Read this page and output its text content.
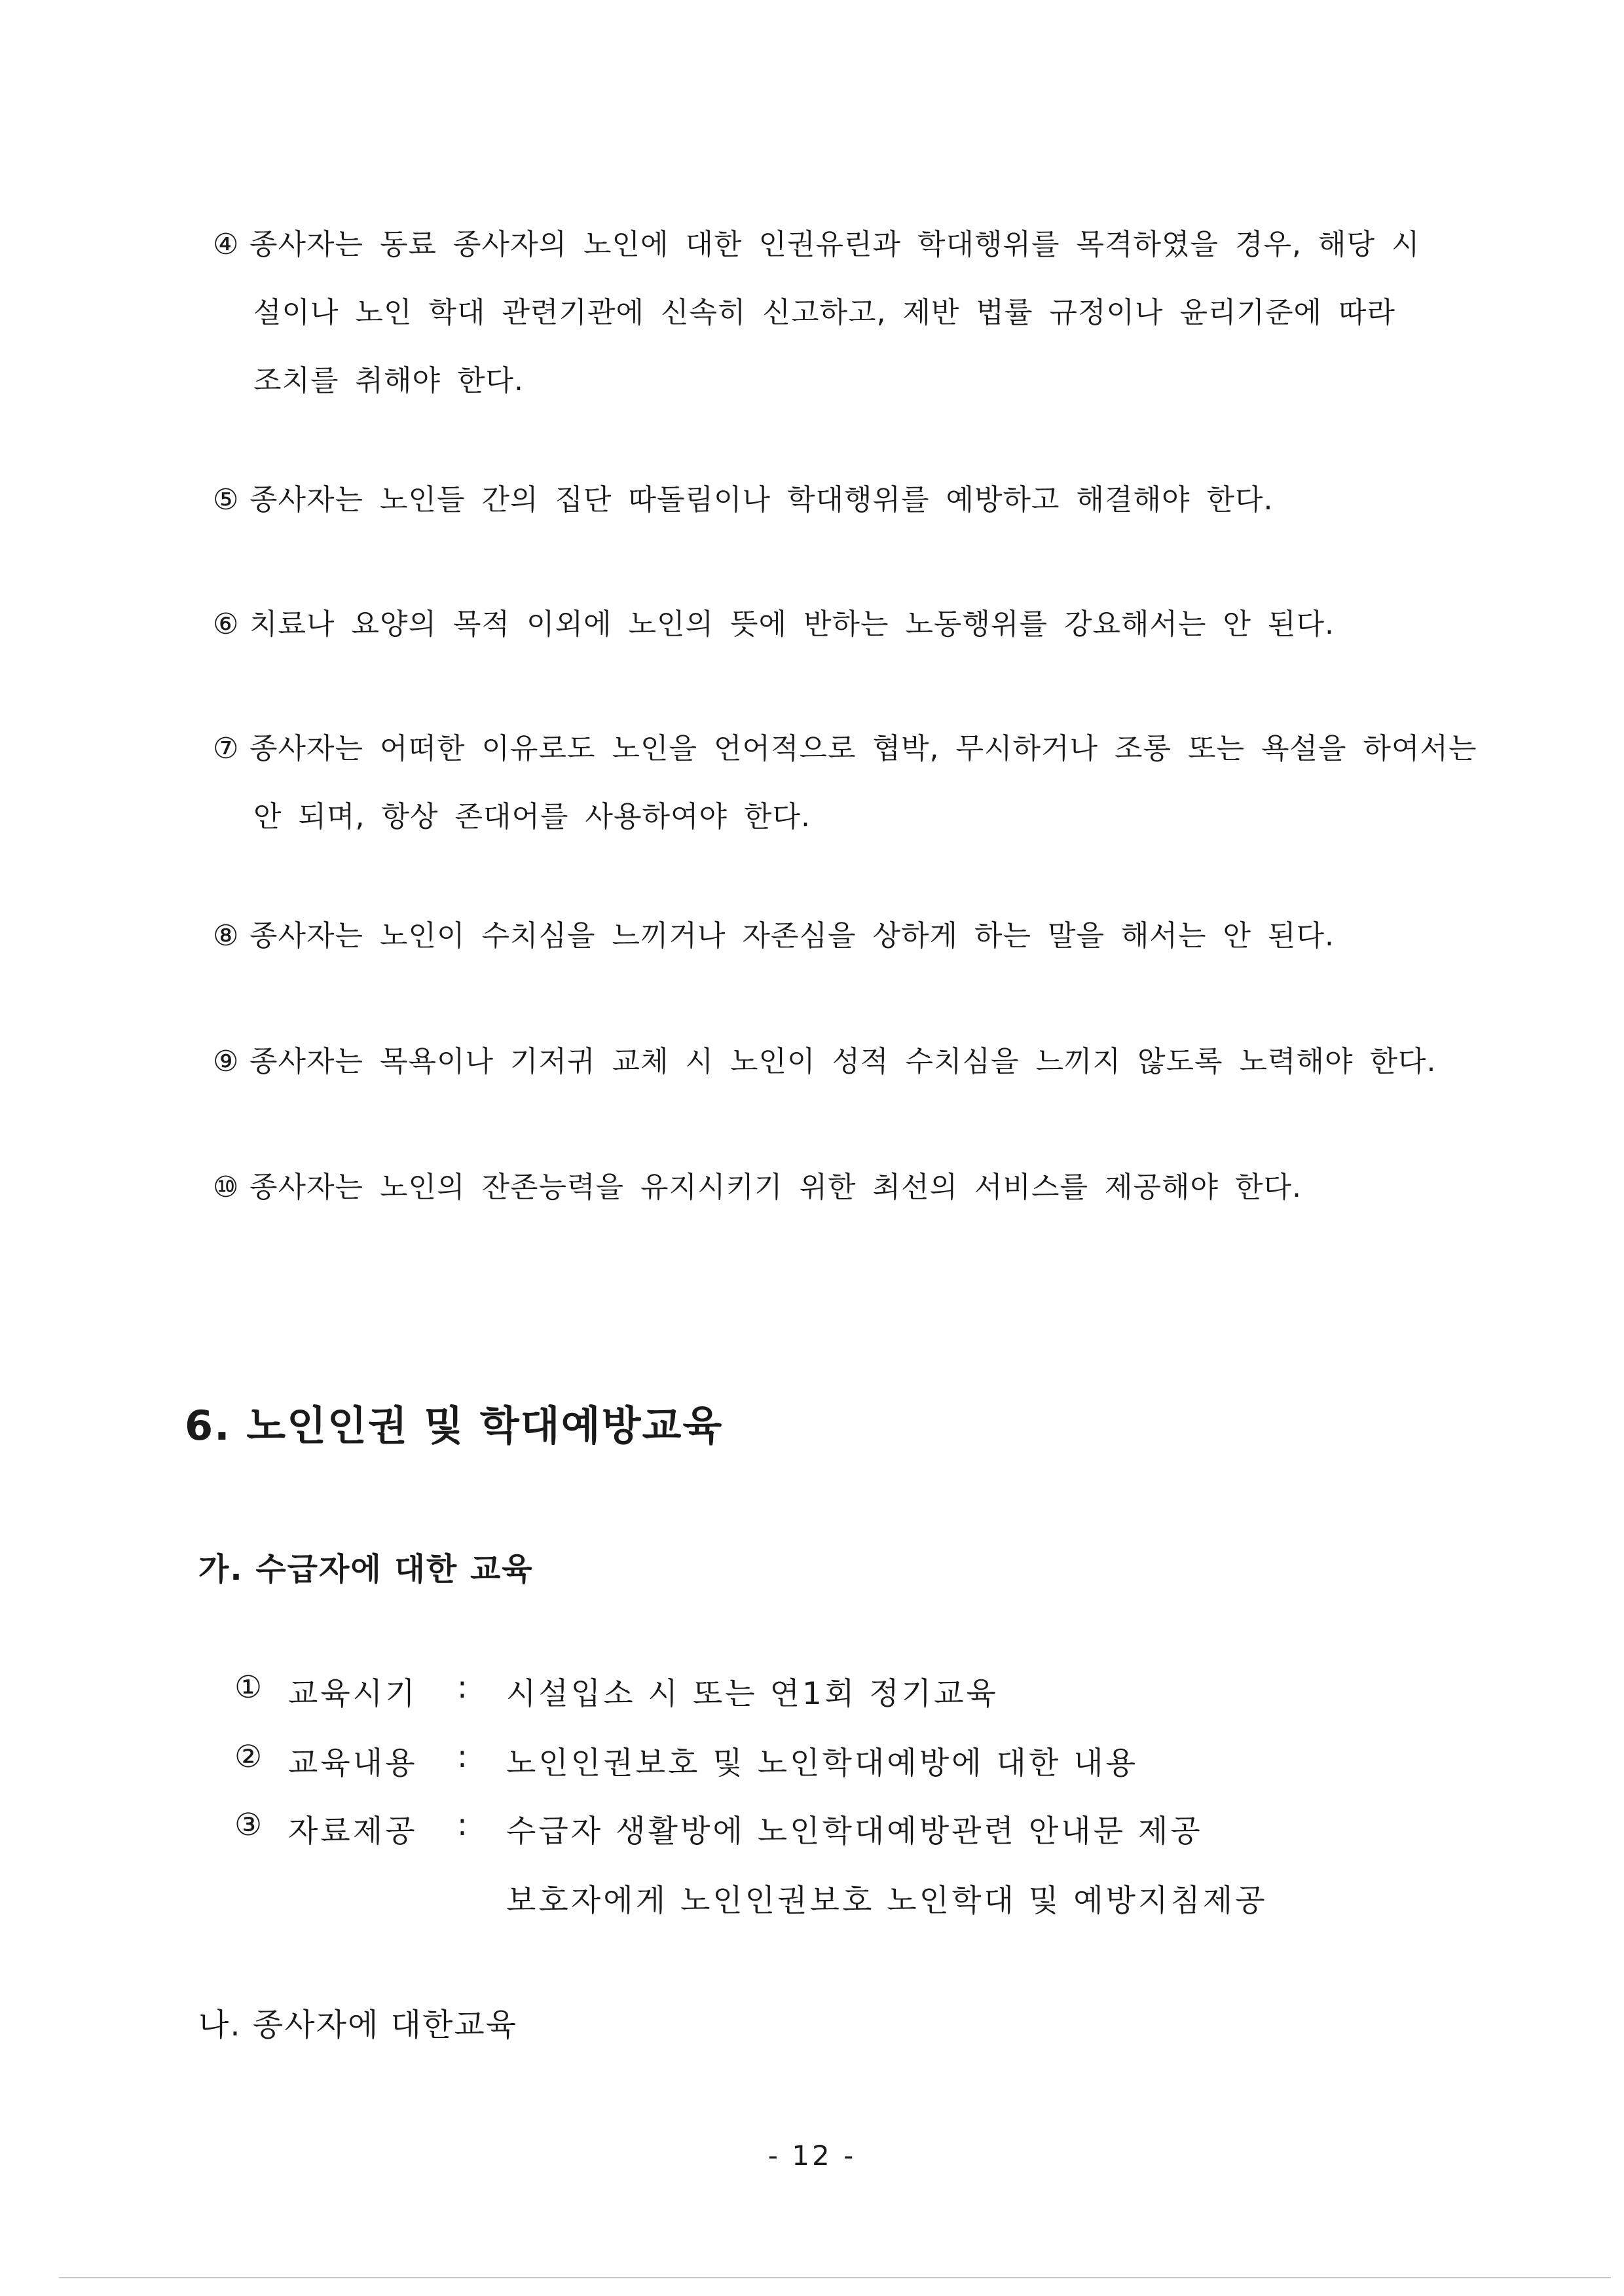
④ 종사자는 동료 종사자의 노인에 대한 인권유린과 학대행위를 목격하였을 경우, 해당 시
설이나 노인 학대 관련기관에 신속히 신고하고, 제반 법률 규정이나 윤리기준에 따라
조치를 취해야 한다.
⑤ 종사자는 노인들 간의 집단 따돌림이나 학대행위를 예방하고 해결해야 한다.
⑥ 치료나 요양의 목적 이외에 노인의 뜻에 반하는 노동행위를 강요해서는 안 된다.
⑦ 종사자는 어떠한 이유로도 노인을 언어적으로 협박, 무시하거나 조롱 또는 욕설을 하여서는
안 되며, 항상 존대어를 사용하여야 한다.
⑧ 종사자는 노인이 수치심을 느끼거나 자존심을 상하게 하는 말을 해서는 안 된다.
⑨ 종사자는 목욕이나 기저귀 교체 시 노인이 성적 수치심을 느끼지 않도록 노력해야 한다.
⑩ 종사자는 노인의 잔존능력을 유지시키기 위한 최선의 서비스를 제공해야 한다.
6. 노인인권 및 학대예방교육
가. 수급자에 대한 교육
① 교육시기 : 시설입소 시 또는 연1회 정기교육
② 교육내용 : 노인인권보호 및 노인학대예방에 대한 내용
③ 자료제공 : 수급자 생활방에 노인학대예방관련 안내문 제공
보호자에게 노인인권보호 노인학대 및 예방지침제공
나. 종사자에 대한교육
- 12 -
